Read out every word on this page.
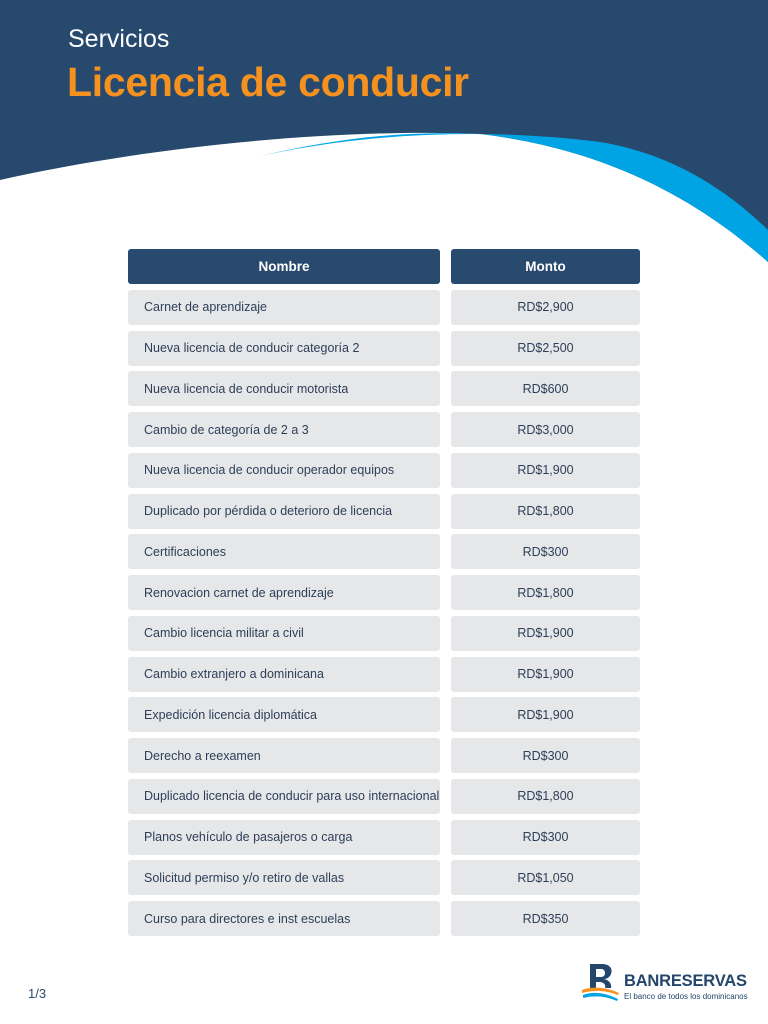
Servicios

Licencia de conducir
Nombre	Monto
Carnet de aprendizaje	RD$2,900
Nueva licencia de conducir categoría 2	RD$2,500
Nueva licencia de conducir motorista	RD$600
Cambio de categoría de 2 a 3	RD$3,000
Nueva licencia de conducir operador equipos	RD$1,900
Duplicado por pérdida o deterioro de licencia	RD$1,800
Certificaciones	RD$300
Renovacion carnet de aprendizaje	RD$1,800
Cambio licencia militar a civil	RD$1,900
Cambio extranjero a dominicana	RD$1,900
Expedición licencia diplomática	RD$1,900
Derecho a reexamen	RD$300
Duplicado licencia de conducir para uso internacional	RD$1,800
Planos vehículo de pasajeros o carga	RD$300
Solicitud permiso y/o retiro de vallas	RD$1,050
Curso para directores e inst escuelas	RD$350
1/3
BANRESERVAS
El banco de todos los dominicanos
